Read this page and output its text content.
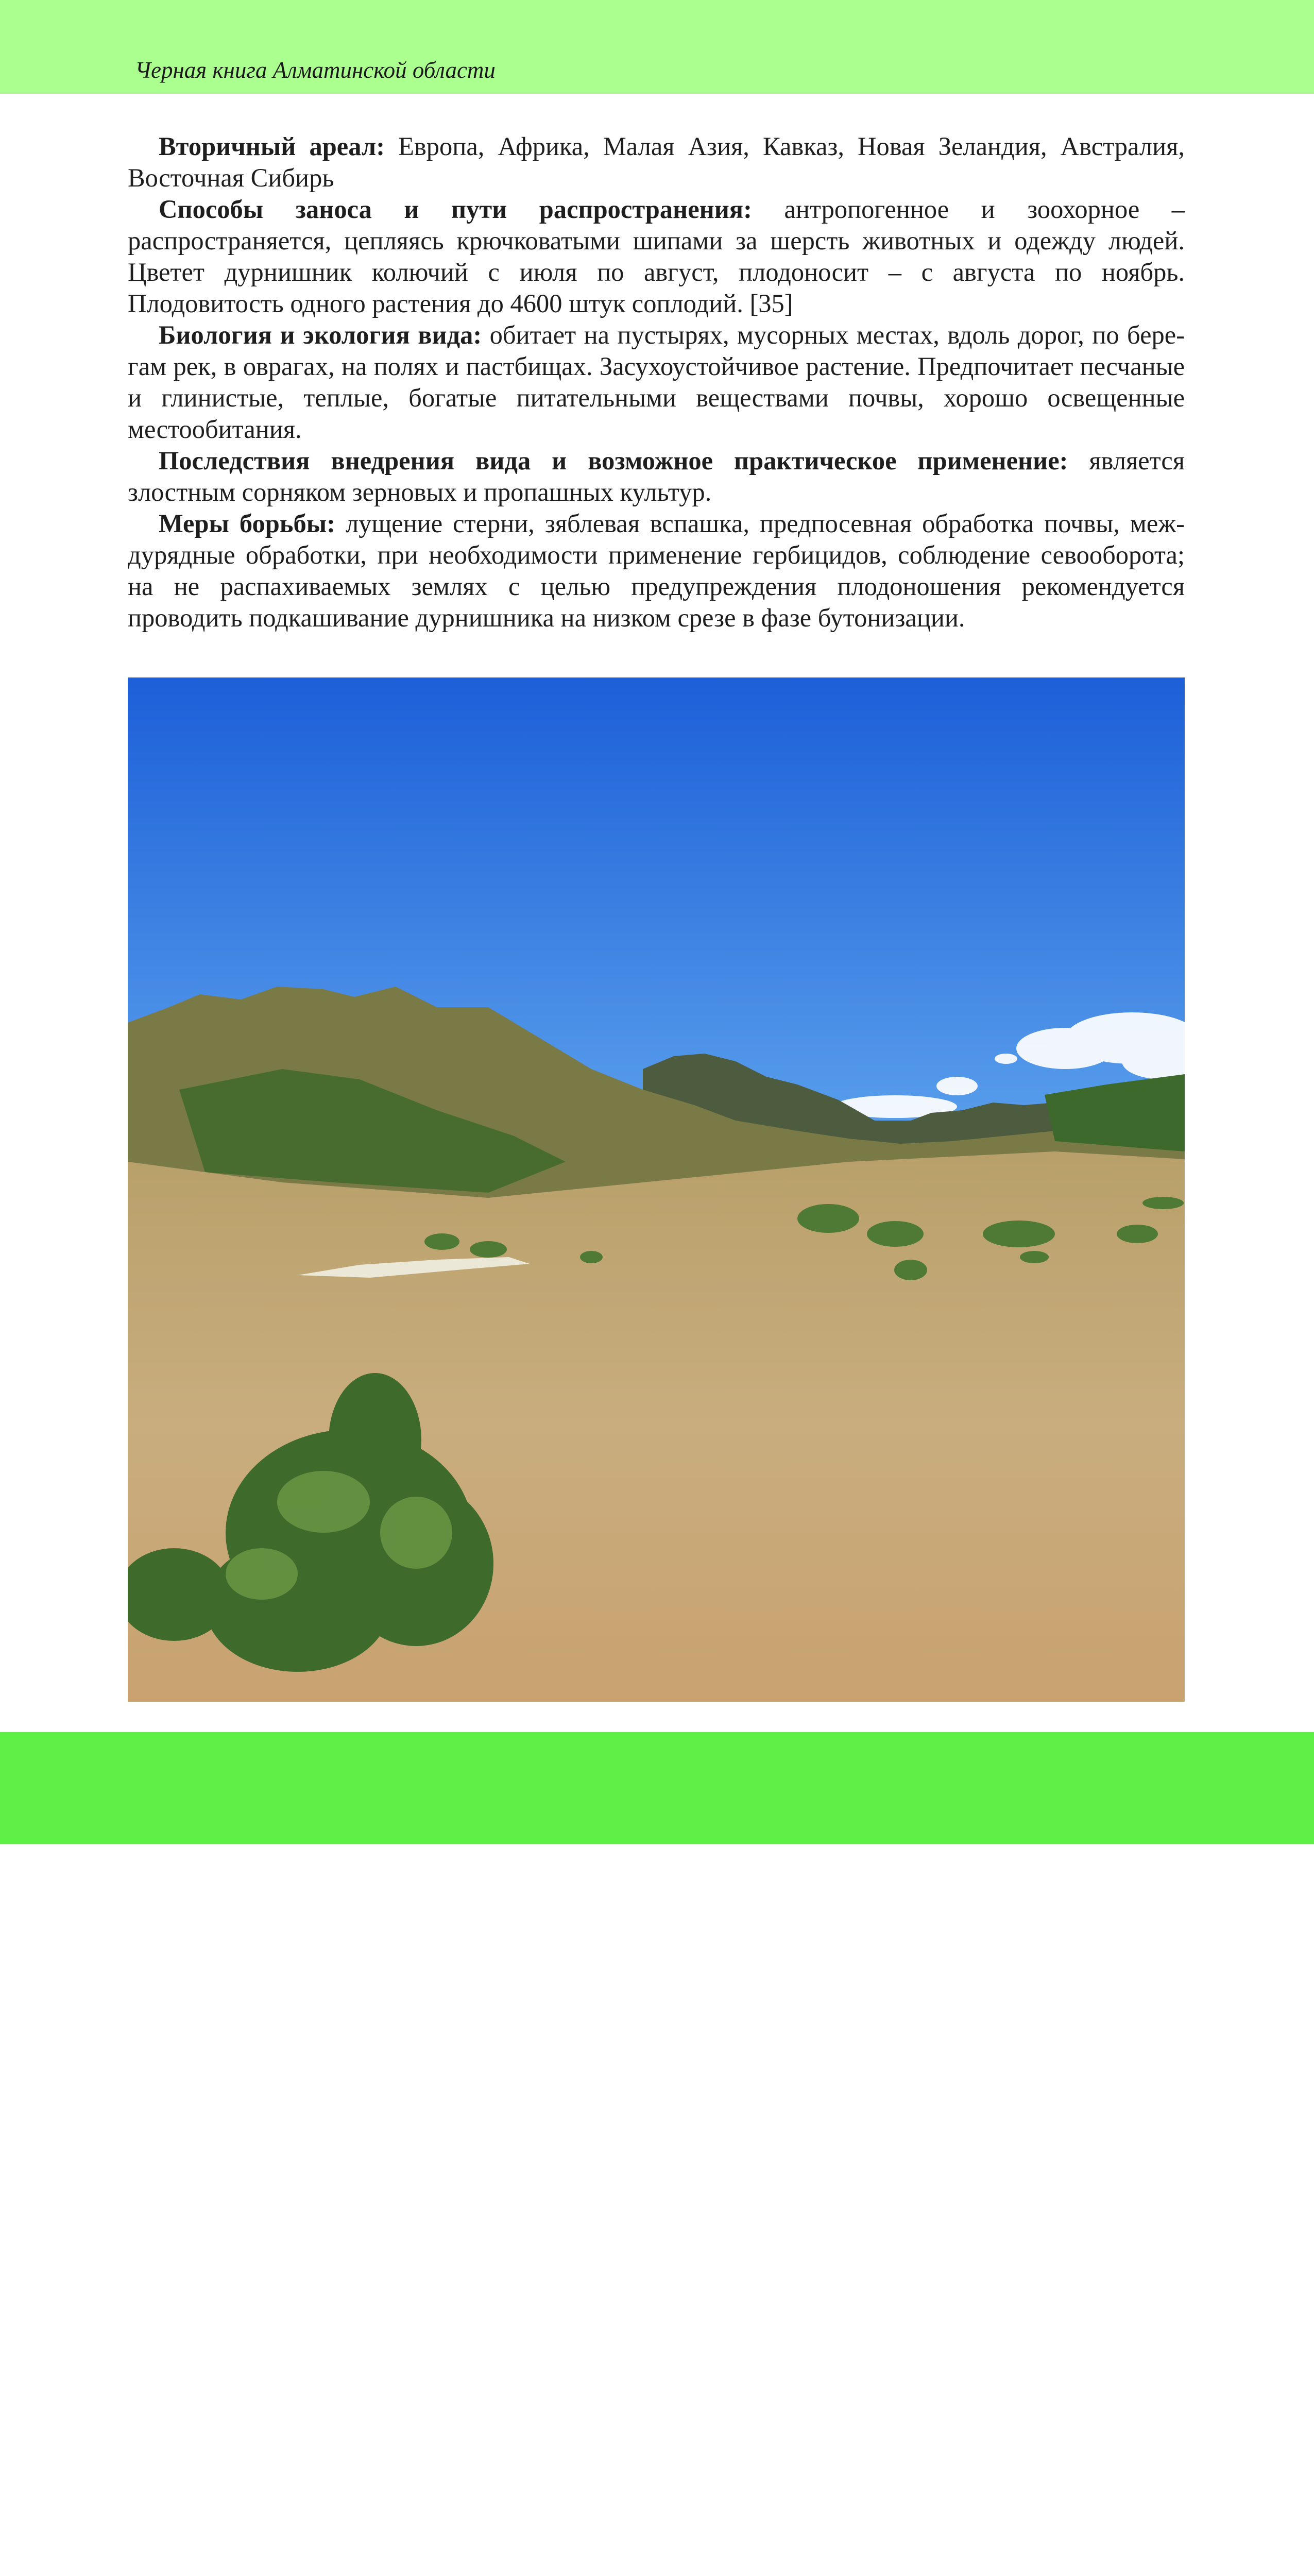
Черная книга Алматинской области

Вторичный ареал: Европа, Африка, Малая Азия, Кавказ, Новая Зеландия, Австралия, Восточная Сибирь

Способы заноса и пути распространения: антропогенное и зоохорное – распространяется, цепляясь крючковатыми шипами за шерсть животных и одежду людей. Цветет дурнишник колючий с июля по август, плодоносит – с августа по ноябрь. Плодовитость одного растения до 4600 штук соплодий. [35]

Биология и экология вида: обитает на пустырях, мусорных местах, вдоль дорог, по берегам рек, в оврагах, на полях и пастбищах. Засухоустойчивое растение. Предпочитает песчаные и глинистые, теплые, богатые питательными веществами почвы, хорошо освещенные местообитания.

Последствия внедрения вида и возможное практическое применение: является злостным сорняком зерновых и пропашных культур.

Меры борьбы: лущение стерни, зяблевая вспашка, предпосевная обработка почвы, междурядные обработки, при необходимости применение гербицидов, соблюдение севооборота; на не распахиваемых землях с целью предупреждения плодоношения рекомендуется проводить подкашивание дурнишника на низком срезе в фазе бутонизации.
